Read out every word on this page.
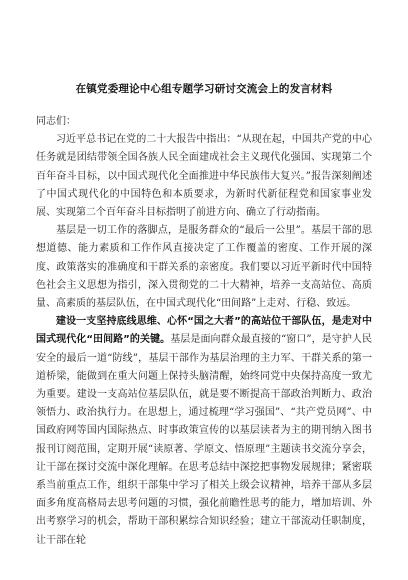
在镇党委理论中心组专题学习研讨交流会上的发言材料

同志们：

习近平总书记在党的二十大报告中指出：“从现在起，中国共产党的中心任务就是团结带领全国各族人民全面建成社会主义现代化强国、实现第二个百年奋斗目标，以中国式现代化全面推进中华民族伟大复兴。”报告深刻阐述了中国式现代化的中国特色和本质要求，为新时代新征程党和国家事业发展、实现第二个百年奋斗目标指明了前进方向、确立了行动指南。

基层是一切工作的落脚点，是服务群众的“最后一公里”。基层干部的思想道德、能力素质和工作作风直接决定了工作覆盖的密度、工作开展的深度、政策落实的准确度和干群关系的亲密度。我们要以习近平新时代中国特色社会主义思想为指引，深入贯彻党的二十大精神，培养一支高站位、高质量、高素质的基层队伍，在中国式现代化“田间路”上走对、行稳、致远。

建设一支坚持底线思维、心怀“国之大者”的高站位干部队伍，是走对中国式现代化“田间路”的关键。基层是面向群众最直接的“窗口”，是守护人民安全的最后一道“防线”，基层干部作为基层治理的主力军、干群关系的第一道桥梁，能做到在重大问题上保持头脑清醒，始终同党中央保持高度一致尤为重要。建设一支高站位基层队伍，就是要不断提高干部政治判断力、政治领悟力、政治执行力。在思想上，通过梳理“学习强国”、“共产党员网”、中国政府网等国内国际热点、时事政策宣传的以基层读者为主的期刊纳入图书报刊订阅范围，定期开展“读原著、学原文、悟原理”主题读书交流分享会，让干部在探讨交流中深化理解。在思考总结中深挖把事物发展规律；紧密联系当前重点工作，组织干部集中学习了相关上级会议精神，培养干部从多层面多角度高格局去思考问题的习惯，强化前瞻性思考的能力，增加培训、外出考察学习的机会，帮助干部积累综合知识经验；建立干部流动任职制度，让干部在轮
